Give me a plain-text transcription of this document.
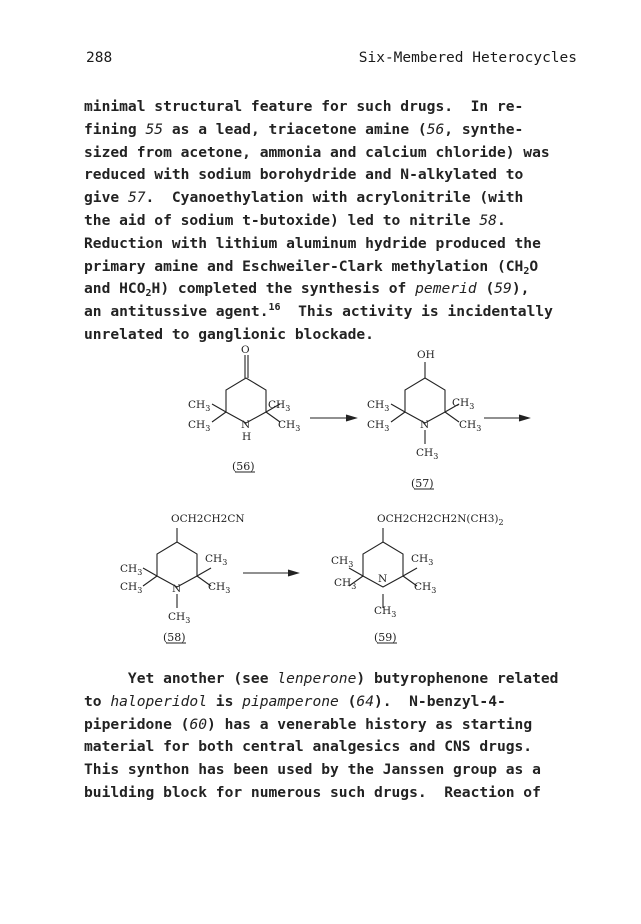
288	Six-Membered Heterocycles

minimal structural feature for such drugs.  In re-
fining 55 as a lead, triacetone amine (56, synthe-
sized from acetone, ammonia and calcium chloride) was
reduced with sodium borohydride and N-alkylated to
give 57.  Cyanoethylation with acrylonitrile (with
the aid of sodium t-butoxide) led to nitrile 58.
Reduction with lithium aluminum hydride produced the
primary amine and Eschweiler-Clark methylation ($CH_2O$
and $HCO_2H$) completed the synthesis of pemerid (59),
an antitussive agent.$^{16}$  This activity is incidentally
unrelated to ganglionic blockade.

O
$CH_3$
$CH_3$
$CH_3$
$CH_3$
N
H
(56)
OH
$CH_3$
$CH_3$
$CH_3$
$CH_3$
N
$CH_3$
(57)
OCH2CH2CN
$CH_3$
$CH_3$
$CH_3$
$CH_3$
N
$CH_3$
(58)
$OCH2CH2CH2N(CH3)_2$
$CH_3$
$CH_3$
$CH_3$
$CH_3$
N
$CH_3$
(59)

Yet another (see lenperone) butyrophenone related
to haloperidol is pipamperone (64).  N-benzyl-4-
piperidone (60) has a venerable history as starting
material for both central analgesics and CNS drugs.
This synthon has been used by the Janssen group as a
building block for numerous such drugs.  Reaction of
